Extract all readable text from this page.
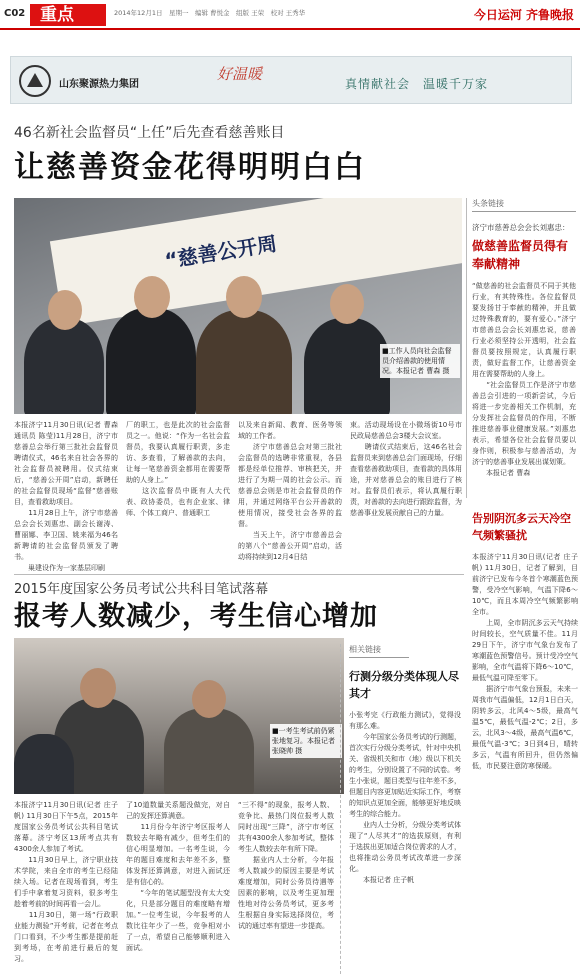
C02 重点	2014年12月1日　星期一　编辑 曹悦金　组版 王荣　校对 王秀华	今日运河 齐鲁晚报
山东聚源热力集团
好温暖
真情献社会　温暖千万家
46名新社会监督员“上任”后先查看慈善账目
让慈善资金花得明明白白
“慈善公开周
■工作人员向社会监督员介绍善款的使用情况。本报记者 曹森 摄
本报济宁11月30日讯(记者 曹森 通讯员 陈莹)11月28日，济宁市慈善总会举行第三批社会监督员聘请仪式，46名来自社会各界的社会监督员被聘用。仪式结束后，“慈善公开周”启动，新聘任的社会监督员现场“监督”慈善账目，查看救助项目。
　　11月28日上午，济宁市慈善总会会长刘惠忠、副会长谢涛、曹丽娜、李卫国、姚来福为46名新聘请的社会监督员颁发了聘书。
　　巢建设作为一家基层印刷
厂的职工，也是此次的社会监督员之一。他说：“作为一名社会监督员，我要认真履行职责，多走访、多查看，了解善款的去向，让每一笔慈善资金都用在需要帮助的人身上。”
　　这次监督员中既有人大代表、政协委员，也有企业家、律师、个体工商户、普通职工
以及来自新闻、教育、医务等领域的工作者。
　　济宁市慈善总会对第三批社会监督员的选聘非常重视，各县都是经单位推荐、审核把关，并进行了为期一周的社会公示。而慈善总会则是市社会监督员的作用，并通过网络平台公开善款的使用情况，接受社会各界的监督。
　　当天上午，济宁市慈善总会的第八个“慈善公开周”启动，活动将持续到12月4日结
束。活动现场设在小微场街10号市民政局慈善总会3楼大会议室。
　　聘请仪式结束后，这46名社会监督员来到慈善总会门面现场，仔细查看慈善救助项目，查看款的具体用途，并对慈善总会的账目进行了核对。监督员们表示，将认真履行职责，对善款的去向进行跟踪监督，为慈善事业发展贡献自己的力量。
头条链接
济宁市慈善总会会长刘惠忠：
做慈善监督员得有奉献精神
“做慈善的社会监督员不同于其他行业，有其特殊性。各位监督员要发扬甘于奉献的精神，并且做过特殊教育的，要有爱心。”济宁市慈善总会会长刘惠忠说，慈善行业必须坚持公开透明，社会监督员要按照规定，认真履行职责，做好监督工作，让慈善资金用在需要帮助的人身上。
　　“社会监督员工作是济宁市慈善总会引进的一项新尝试，今后将进一步完善相关工作机制，充分发挥社会监督员的作用，不断推进慈善事业健康发展。”刘惠忠表示，希望各位社会监督员要以身作则，积极参与慈善活动，为济宁的慈善事业发展出谋划策。
　　本报记者 曹森
告别阴沉多云天冷空气频繁骚扰
本报济宁11月30日讯(记者 庄子帆) 11月30日，记者了解到，目前济宁已发布今冬首个寒潮蓝色预警，受冷空气影响，气温下降6～10℃，而且本周冷空气频繁影响全市。
　　上周，全市阴沉多云天气持续时间较长，空气质量不佳。11月29日下午，济宁市气象台发布了寒潮蓝色预警信号。预计受冷空气影响，全市气温将下降6～10℃，最低气温可降至零下。
　　据济宁市气象台预报，未来一周我市气温偏低，12月1日白天，阴转多云，北风4～5级，最高气温5℃，最低气温-2℃；2日，多云，北风3～4级，最高气温6℃，最低气温-3℃；3日到4日，晴转多云，气温有所回升，但仍然偏低，市民要注意防寒保暖。
2015年度国家公务员考试公共科目笔试落幕
报考人数减少，考生信心增加
■一考生考试前仍紧张地复习。本报记者 张晓帅 摄
本报济宁11月30日讯(记者 庄子帆) 11月30日下午5点，2015年度国家公务员考试公共科目笔试落幕。济宁考区13所考点共有4300余人参加了考试。
　　11月30日早上，济宁职业技术学院，来自全市的考生已经陆续入场。记者在现场看到，考生们手中拿着复习资料，很多考生趁着考前的时间再看一会儿。
　　11月30日，第一场“行政职业能力测验”开考前，记者在考点门口看到，不少考生都是提前赶到考场，在考前进行最后的复习。
了10道数量关系题没做完，对自己的发挥还算满意。
　　11月份今年济宁考区报考人数较去年略有减少，但考生们的信心明显增加。一名考生说，今年的题目难度和去年差不多，整体发挥还算满意，对进入面试还是有信心的。
　　“今年的笔试题型没有太大变化，只是部分题目的难度略有增加。”一位考生说，今年报考的人数比往年少了一些，竞争相对小了一点，希望自己能够顺利进入面试。
“三不得”的现象，报考人数、竞争比、最热门岗位报考人数同时出现“三降”，济宁市考区共有4300余人参加考试，整体考生人数较去年有所下降。
　　据业内人士分析，今年报考人数减少的原因主要是考试难度增加，同时公务员待遇等因素的影响，以及考生更加理性地对待公务员考试，更多考生根据自身实际选择岗位，考试的通过率有望进一步提高。
相关链接
行测分级分类体现人尽其才
小张考完《行政能力测试》，觉得没有那么难。
　　今年国家公务员考试的行测题，首次实行分级分类考试，针对中央机关、省级机关和市（地）级以下机关的考生，分别设置了不同的试卷。考生小张说，题目类型与往年差不多，但题目内容更加贴近实际工作，考察的知识点更加全面，能够更好地反映考生的综合能力。
　　业内人士分析，分级分类考试体现了“人尽其才”的选拔原则，有利于选拔出更加适合岗位需求的人才，也将推动公务员考试改革进一步深化。
　　本报记者 庄子帆
